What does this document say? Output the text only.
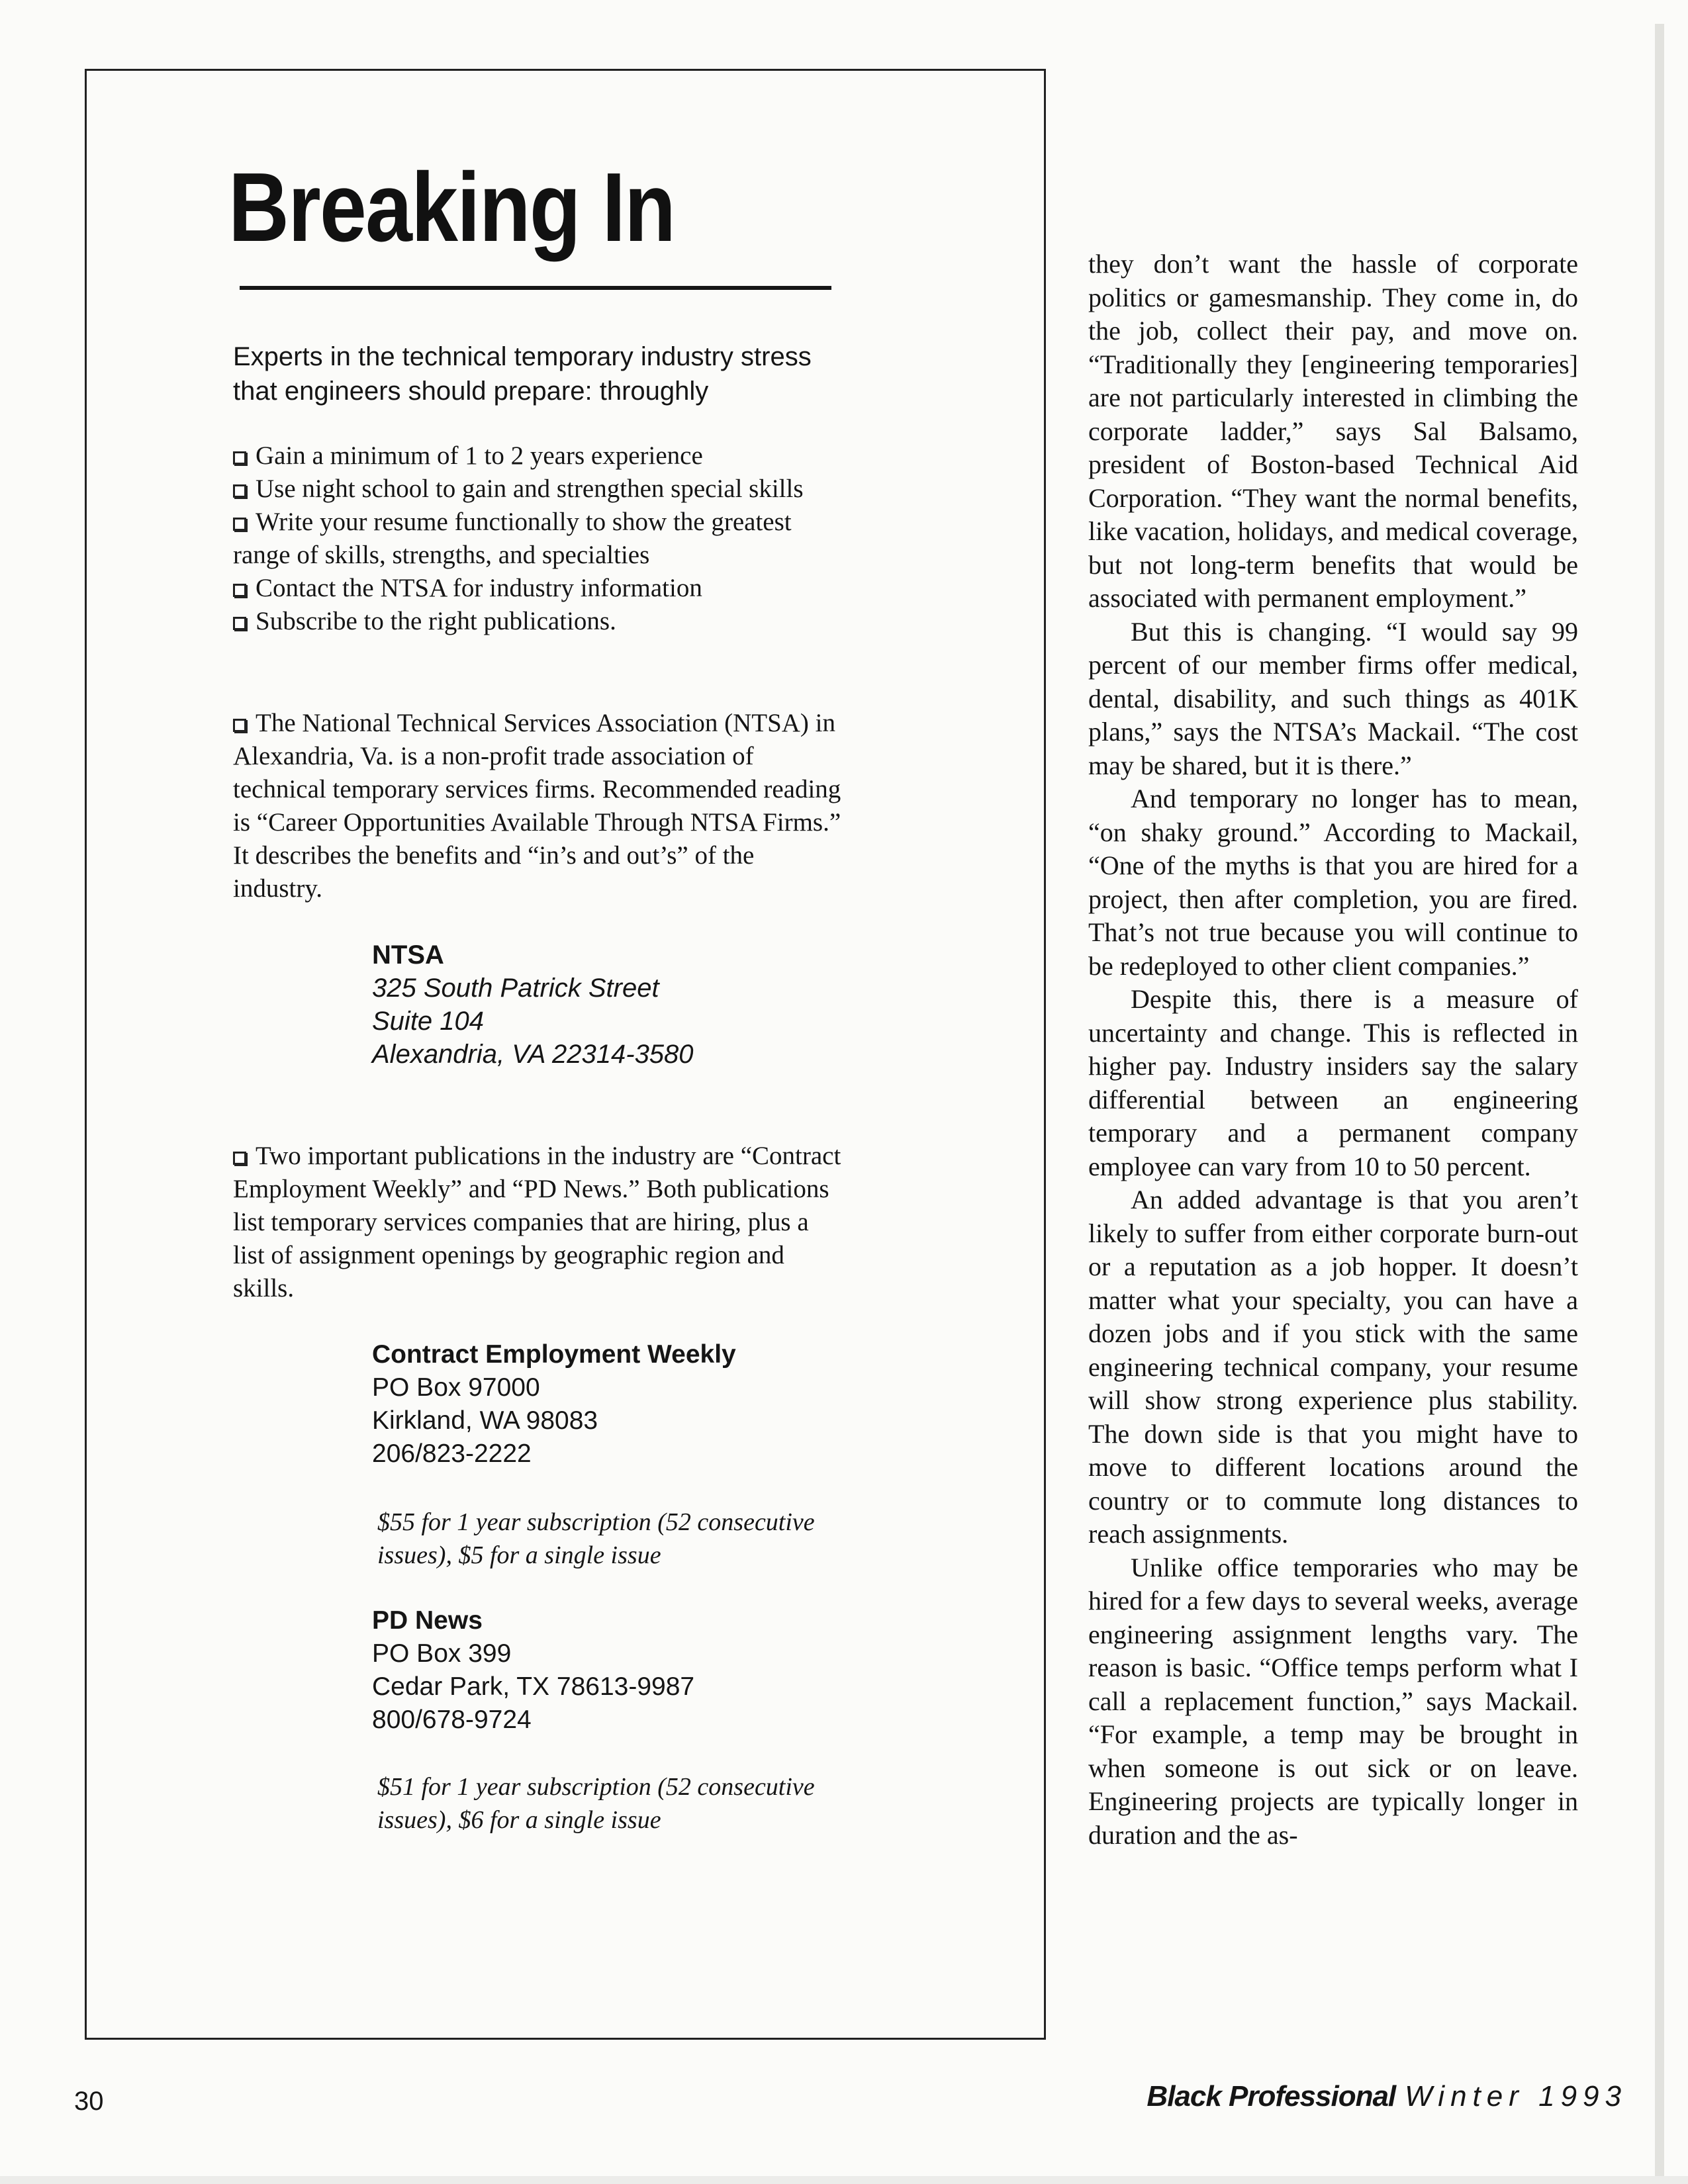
Breaking In

Experts in the technical temporary industry stress that engineers should prepare: throughly

Gain a minimum of 1 to 2 years experience
Use night school to gain and strengthen special skills
Write your resume functionally to show the greatest range of skills, strengths, and specialties
Contact the NTSA for industry information
Subscribe to the right publications.

The National Technical Services Association (NTSA) in Alexandria, Va. is a non-profit trade association of technical temporary services firms. Recommended reading is “Career Opportunities Available Through NTSA Firms.” It describes the benefits and “in’s and out’s” of the industry.

NTSA
325 South Patrick Street
Suite 104
Alexandria, VA 22314-3580

Two important publications in the industry are “Contract Employment Weekly” and “PD News.” Both publications list temporary services companies that are hiring, plus a list of assignment openings by geographic region and skills.

Contract Employment Weekly
PO Box 97000
Kirkland, WA 98083
206/823-2222

$55 for 1 year subscription (52 consecutive issues), $5 for a single issue

PD News
PO Box 399
Cedar Park, TX 78613-9987
800/678-9724

$51 for 1 year subscription (52 consecutive issues), $6 for a single issue

they don’t want the hassle of corporate politics or gamesmanship. They come in, do the job, collect their pay, and move on. “Traditionally they [engineering temporaries] are not particularly interested in climbing the corporate ladder,” says Sal Balsamo, president of Boston-based Technical Aid Corporation. “They want the normal benefits, like vacation, holidays, and medical coverage, but not long-term benefits that would be associated with permanent employment.”

But this is changing. “I would say 99 percent of our member firms offer medical, dental, disability, and such things as 401K plans,” says the NTSA’s Mackail. “The cost may be shared, but it is there.”

And temporary no longer has to mean, “on shaky ground.” According to Mackail, “One of the myths is that you are hired for a project, then after completion, you are fired. That’s not true because you will continue to be redeployed to other client companies.”

Despite this, there is a measure of uncertainty and change. This is reflected in higher pay. Industry insiders say the salary differential between an engineering temporary and a permanent company employee can vary from 10 to 50 percent.

An added advantage is that you aren’t likely to suffer from either corporate burn-out or a reputation as a job hopper. It doesn’t matter what your specialty, you can have a dozen jobs and if you stick with the same engineering technical company, your resume will show strong experience plus stability. The down side is that you might have to move to different locations around the country or to commute long distances to reach assignments.

Unlike office temporaries who may be hired for a few days to several weeks, average engineering assignment lengths vary. The reason is basic. “Office temps perform what I call a replacement function,” says Mackail. “For example, a temp may be brought in when someone is out sick or on leave. Engineering projects are typically longer in duration and the as-

30	Black Professional Winter 1993
